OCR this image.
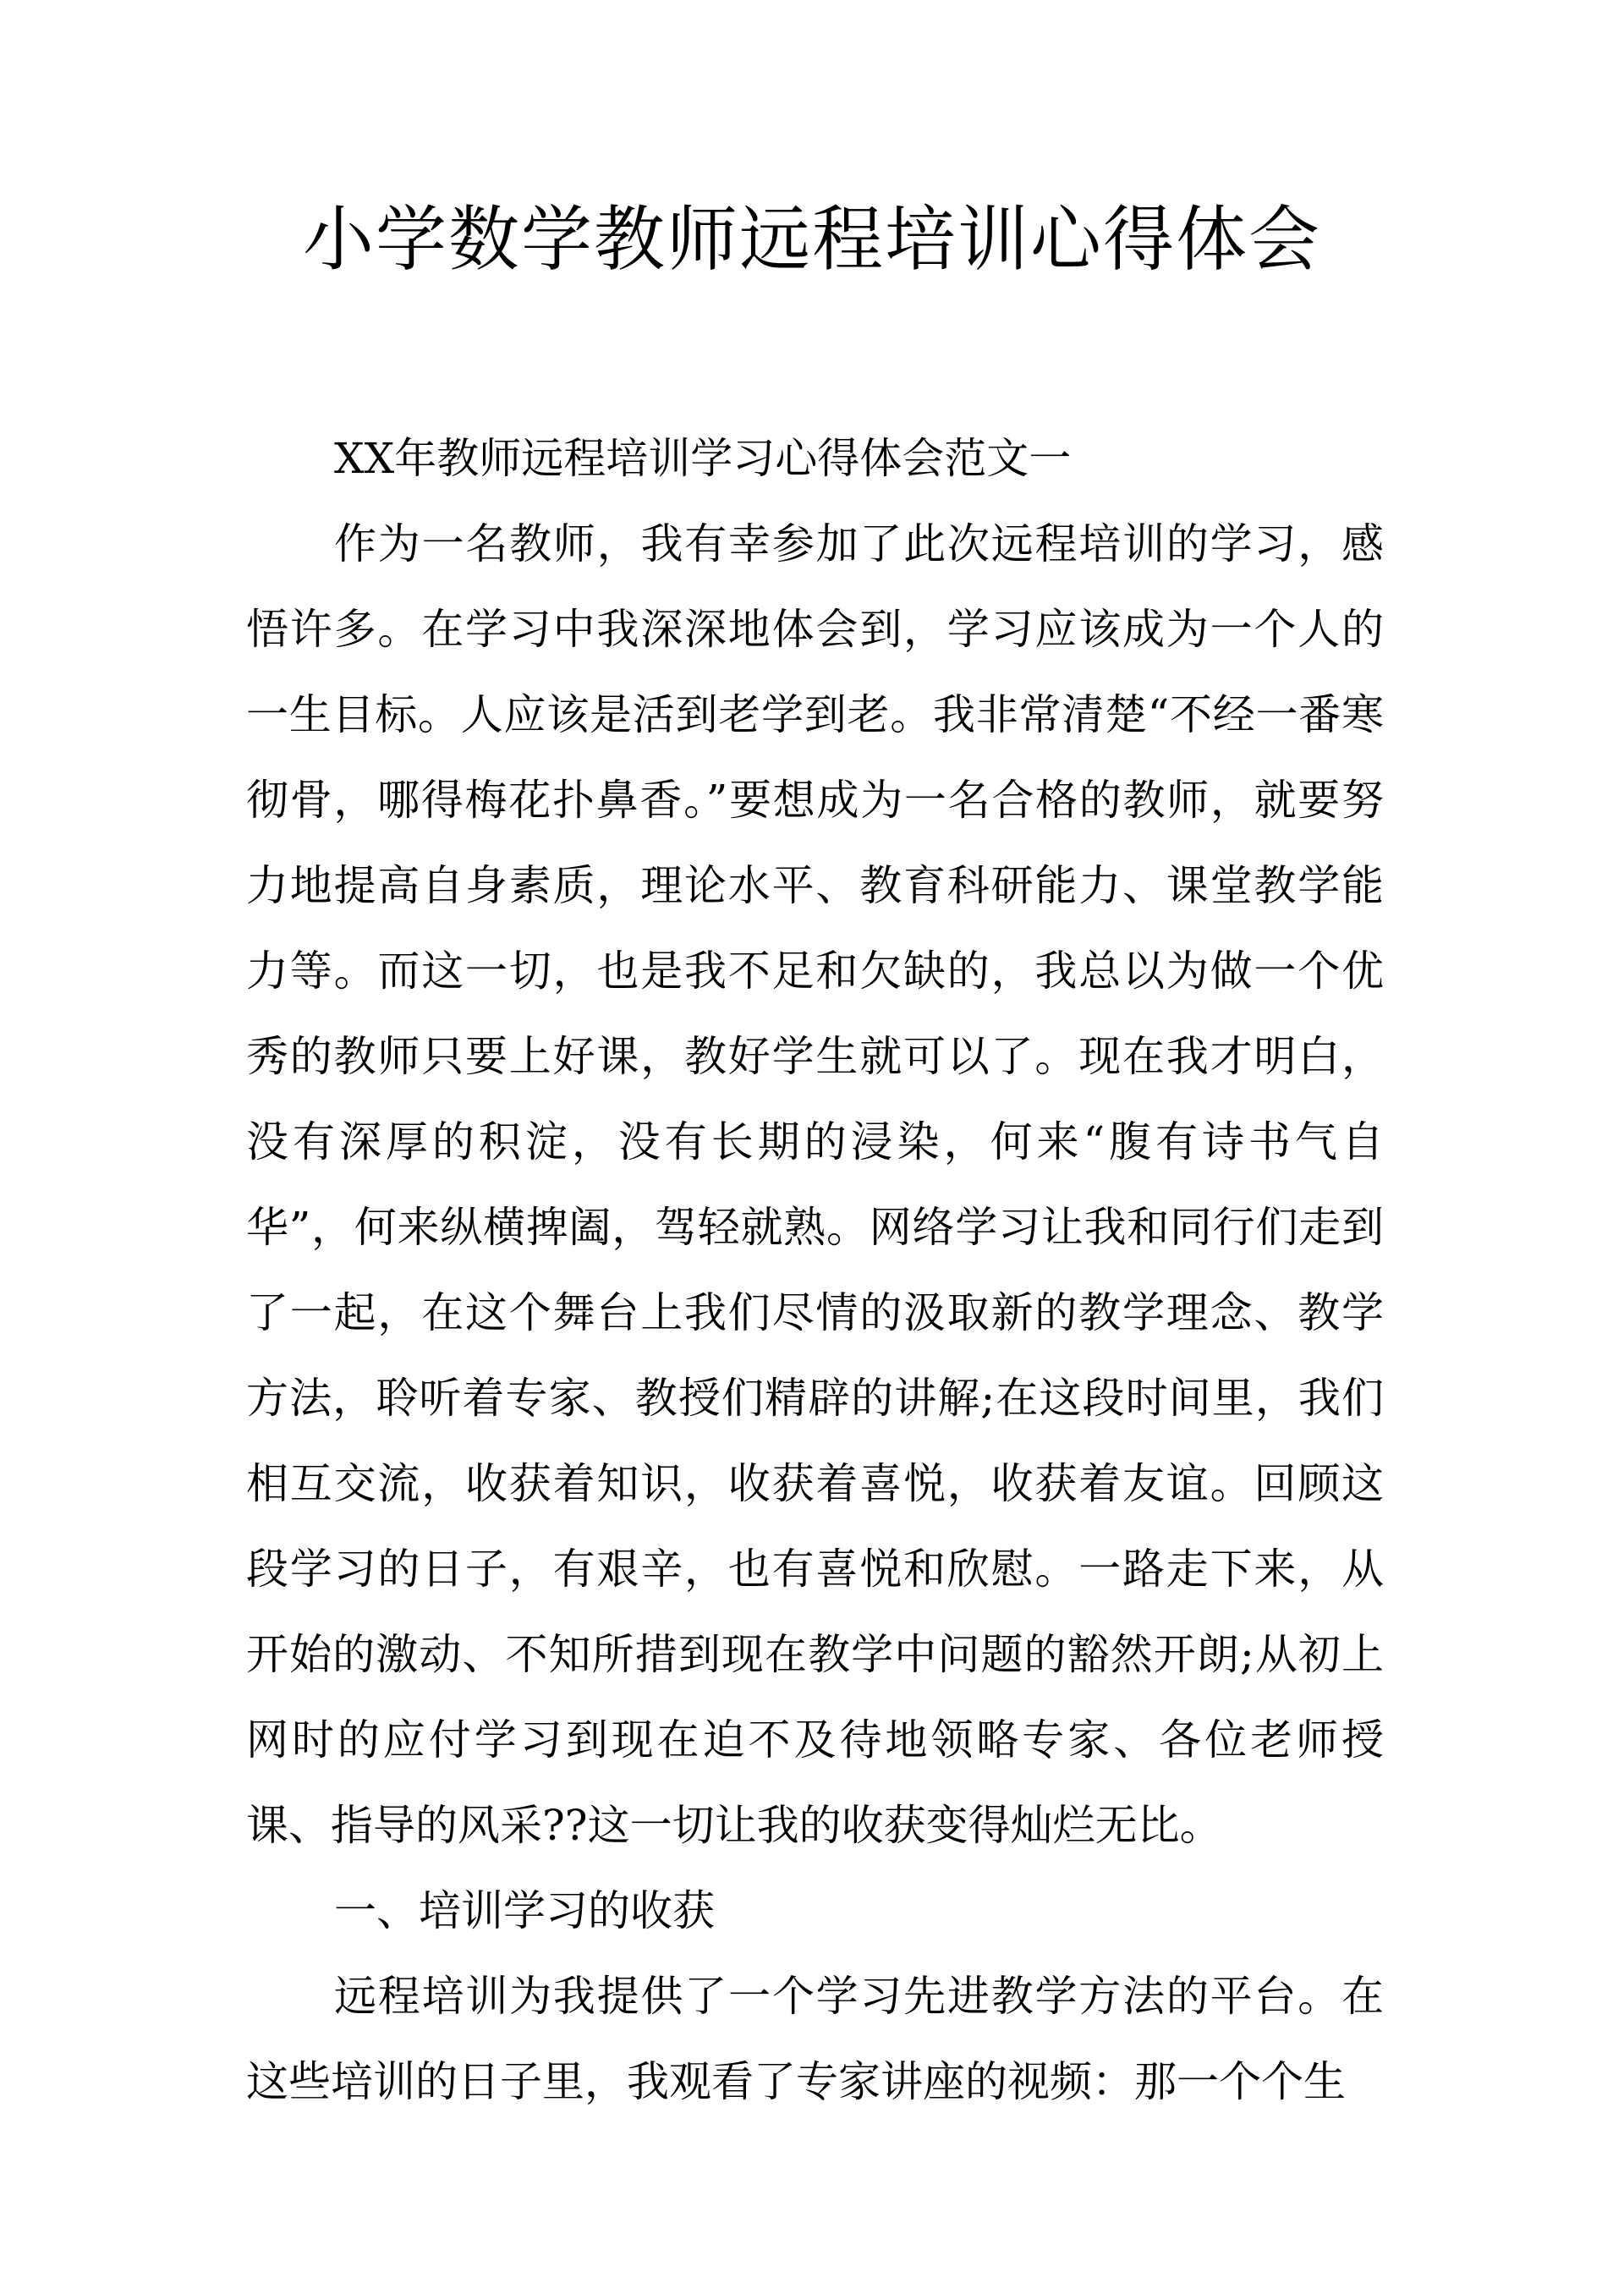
小学数学教师远程培训心得体会

XX年教师远程培训学习心得体会范文一

作为一名教师，我有幸参加了此次远程培训的学习，感悟许多。在学习中我深深地体会到，学习应该成为一个人的一生目标。人应该是活到老学到老。我非常清楚“不经一番寒彻骨，哪得梅花扑鼻香。”要想成为一名合格的教师，就要努力地提高自身素质，理论水平、教育科研能力、课堂教学能力等。而这一切，也是我不足和欠缺的，我总以为做一个优秀的教师只要上好课，教好学生就可以了。现在我才明白，没有深厚的积淀，没有长期的浸染，何来“腹有诗书气自华”，何来纵横捭阖，驾轻就熟。网络学习让我和同行们走到了一起，在这个舞台上我们尽情的汲取新的教学理念、教学方法，聆听着专家、教授们精辟的讲解;在这段时间里，我们相互交流，收获着知识，收获着喜悦，收获着友谊。回顾这段学习的日子，有艰辛，也有喜悦和欣慰。一路走下来，从开始的激动、不知所措到现在教学中问题的豁然开朗;从初上网时的应付学习到现在迫不及待地领略专家、各位老师授课、指导的风采??这一切让我的收获变得灿烂无比。

一、培训学习的收获

远程培训为我提供了一个学习先进教学方法的平台。在这些培训的日子里，我观看了专家讲座的视频：那一个个生
